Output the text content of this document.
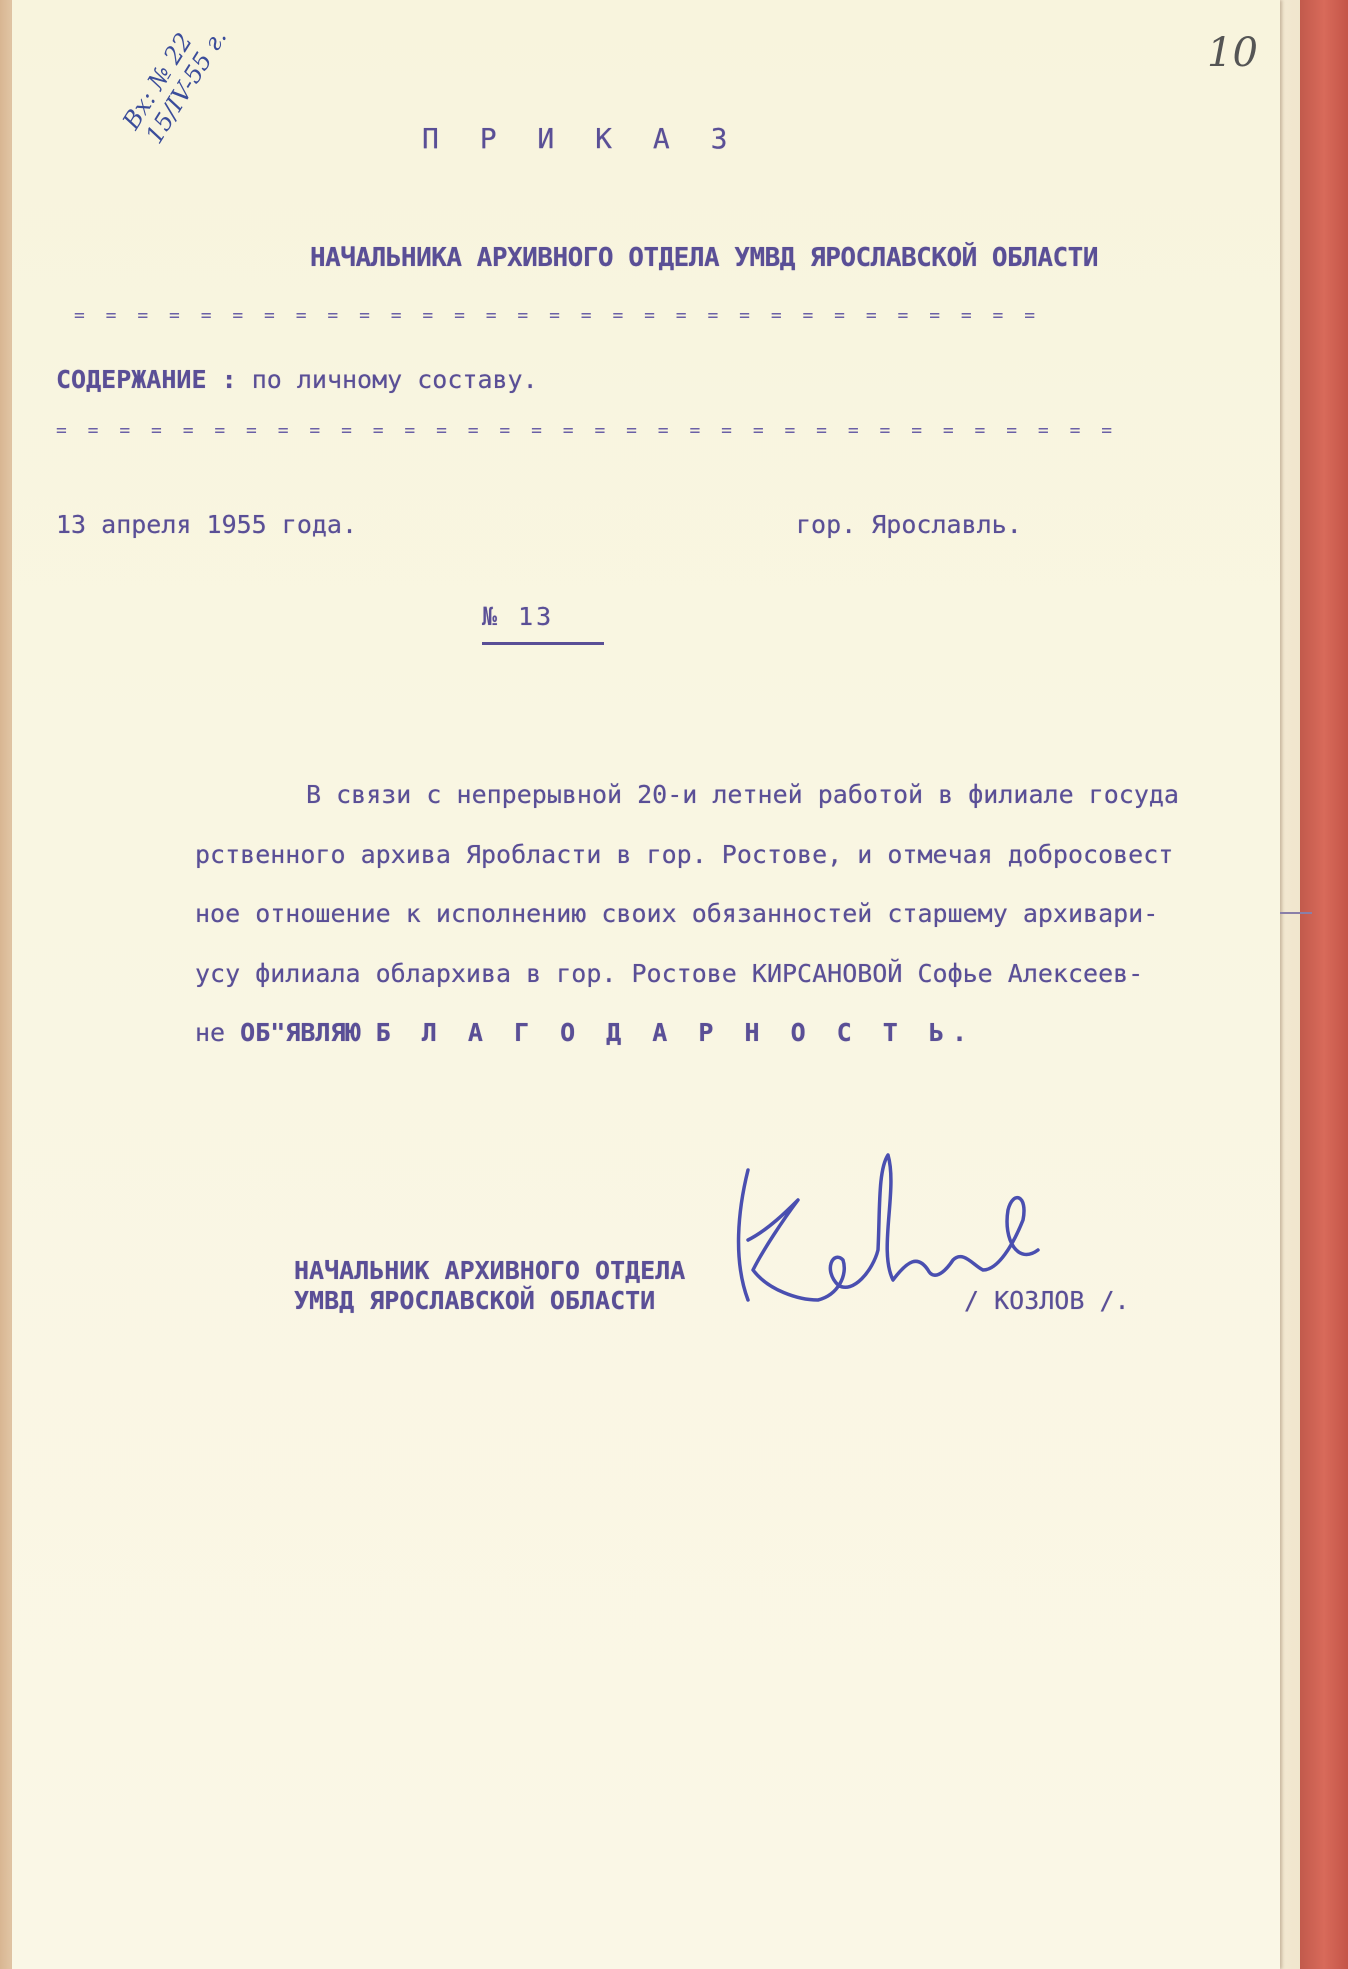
Вх: № 22
15/IV-55 г.	10
П Р И К А З
НАЧАЛЬНИКА АРХИВНОГО ОТДЕЛА УМВД ЯРОСЛАВСКОЙ ОБЛАСТИ
= = = = = = = = = = = = = = = = = = = = = = = = = = = = = = =
СОДЕРЖАНИЕ : по личному составу.
= = = = = = = = = = = = = = = = = = = = = = = = = = = = = = = = = =
13 апреля 1955 года.	гор. Ярославль.
№ 13
В связи с непрерывной 20-и летней работой в филиале госуда
рственного архива Яробласти в гор. Ростове, и отмечая добросовест
ное отношение к исполнению своих обязанностей старшему архивари-
усу филиала облархива в гор. Ростове КИРСАНОВОЙ Софье Алексеев-
не ОБ"ЯВЛЯЮ Б Л А Г О Д А Р Н О С Т Ь.
НАЧАЛЬНИК АРХИВНОГО ОТДЕЛА
УМВД ЯРОСЛАВСКОЙ ОБЛАСТИ	/ КОЗЛОВ /.
